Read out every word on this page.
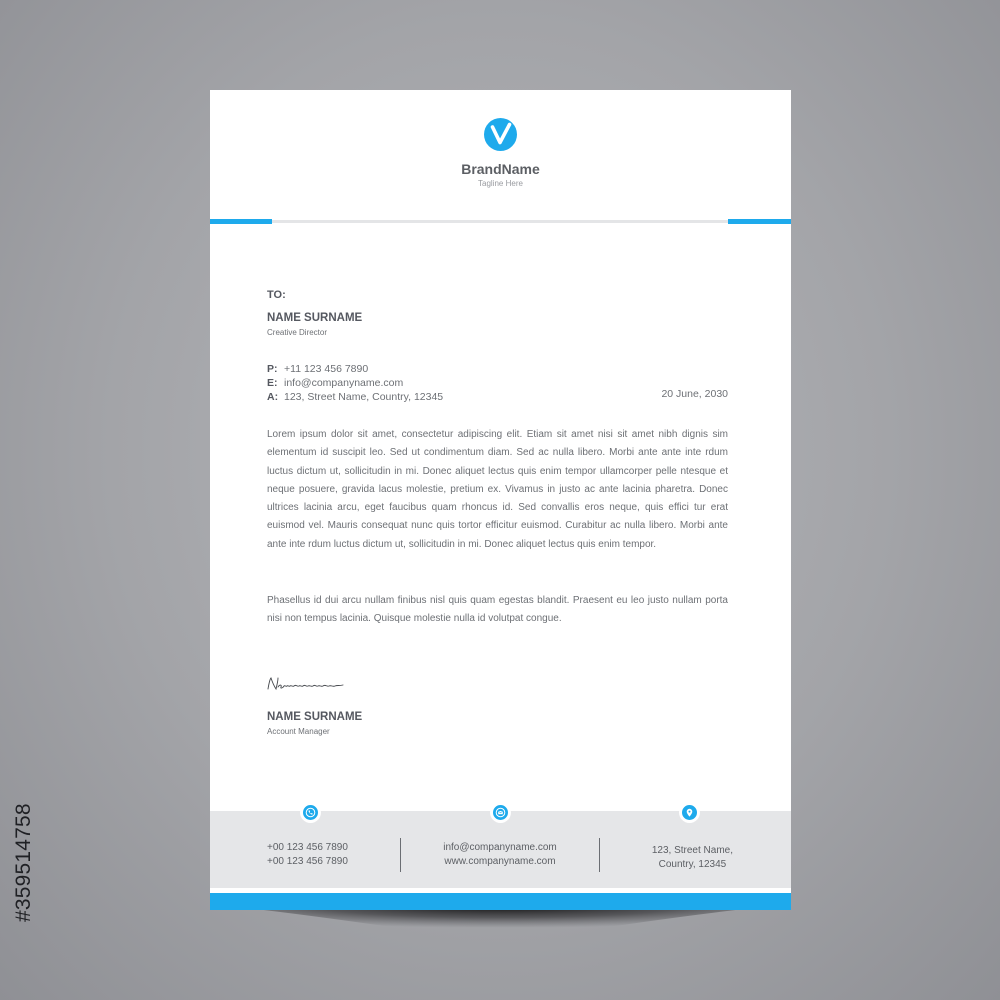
#359514758
BrandName
Tagline Here
TO:
NAME SURNAME
Creative Director
P: +11 123 456 7890
E: info@companyname.com
A: 123, Street Name, Country, 12345	20 June, 2030

Lorem ipsum dolor sit amet, consectetur adipiscing elit. Etiam sit amet nisi sit amet nibh dignis sim elementum id suscipit leo. Sed ut condimentum diam. Sed ac nulla libero. Morbi ante ante inte rdum luctus dictum ut, sollicitudin in mi. Donec aliquet lectus quis enim tempor ullamcorper pelle ntesque et neque posuere, gravida lacus molestie, pretium ex. Vivamus in justo ac ante lacinia pharetra. Donec ultrices lacinia arcu, eget faucibus quam rhoncus id. Sed convallis eros neque, quis effici tur erat euismod vel. Mauris consequat nunc quis tortor efficitur euismod. Curabitur ac nulla libero. Morbi ante ante inte rdum luctus dictum ut, sollicitudin in mi. Donec aliquet lectus quis enim tempor.

Phasellus id dui arcu nullam finibus nisl quis quam egestas blandit. Praesent eu leo justo nullam porta nisi non tempus lacinia. Quisque molestie nulla id volutpat congue.

NAME SURNAME
Account Manager
+00 123 456 7890
+00 123 456 7890
info@companyname.com
www.companyname.com
123, Street Name,
Country, 12345
